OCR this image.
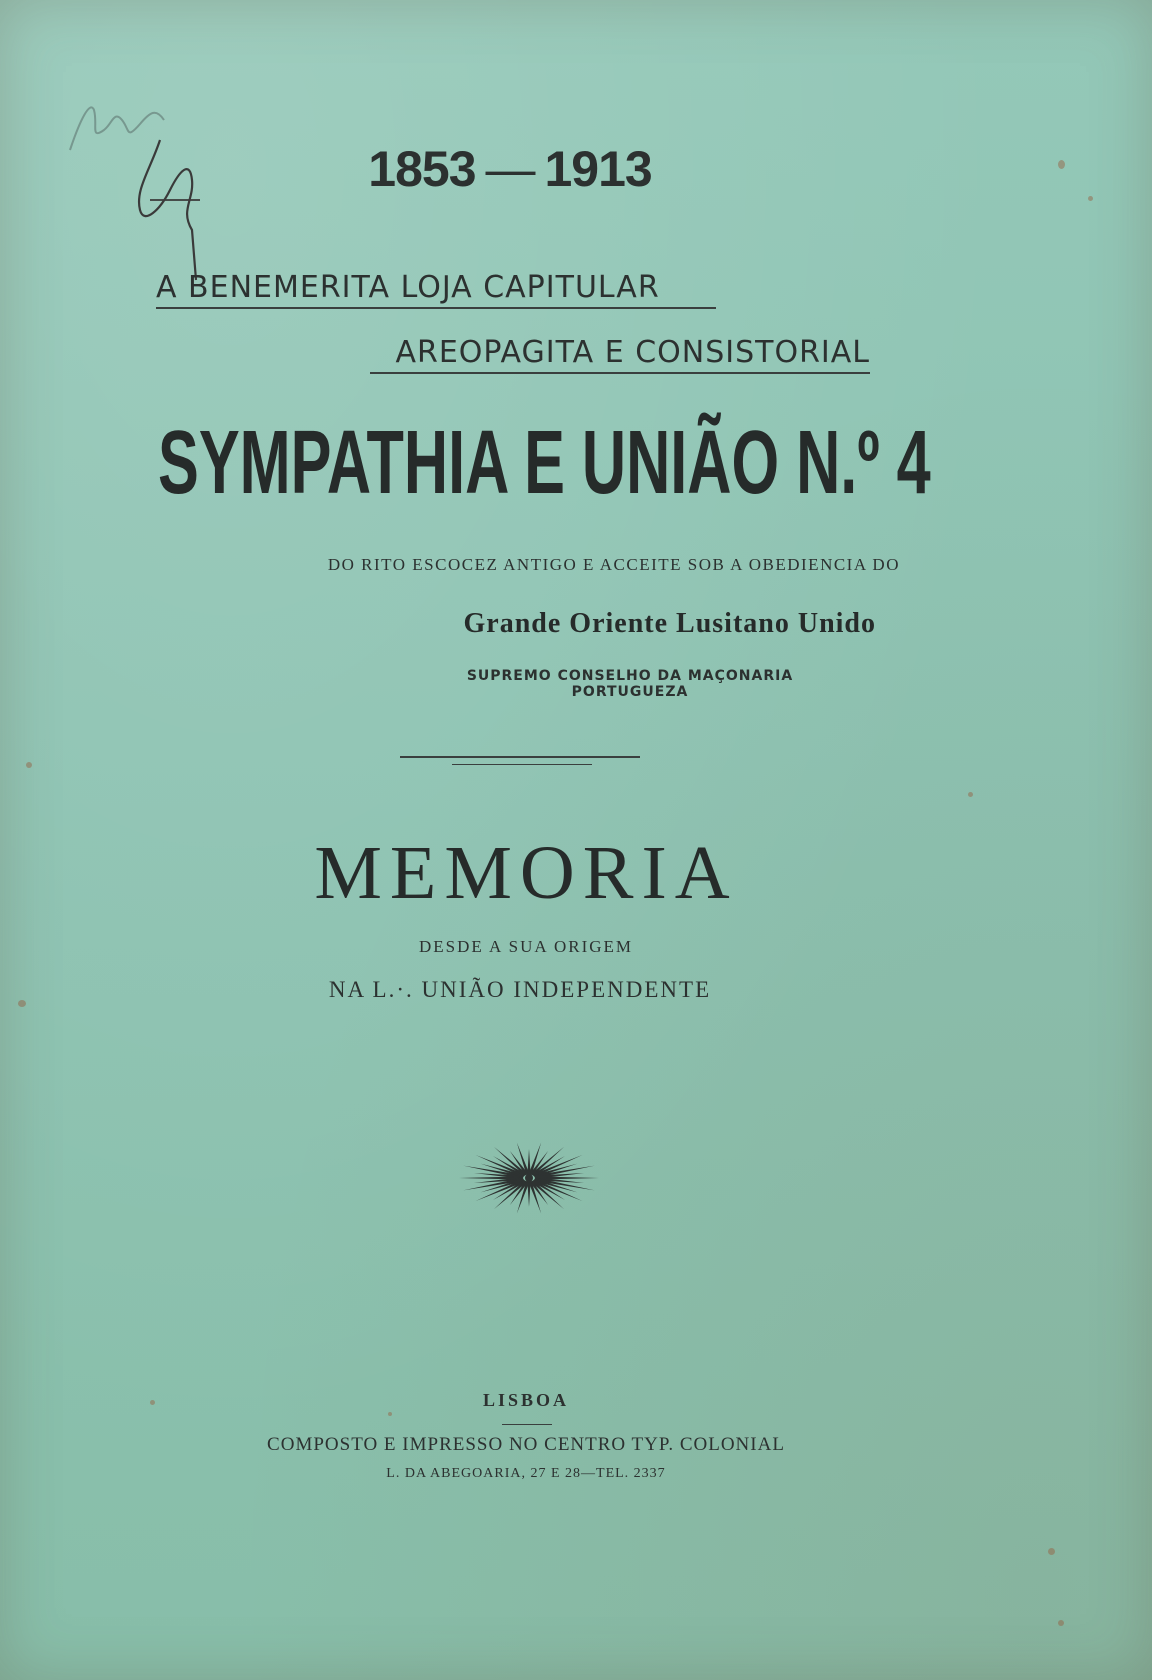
1853 — 1913
A BENEMERITA LOJA CAPITULAR
AREOPAGITA E CONSISTORIAL
SYMPATHIA E UNIÃO N.º 4
DO RITO ESCOCEZ ANTIGO E ACCEITE SOB A OBEDIENCIA DO
Grande Oriente Lusitano Unido
SUPREMO CONSELHO DA MAÇONARIA PORTUGUEZA
MEMORIA
DESDE A SUA ORIGEM
NA L.·. UNIÃO INDEPENDENTE
LISBOA
COMPOSTO E IMPRESSO NO CENTRO TYP. COLONIAL
L. DA ABEGOARIA, 27 E 28—TEL. 2337
